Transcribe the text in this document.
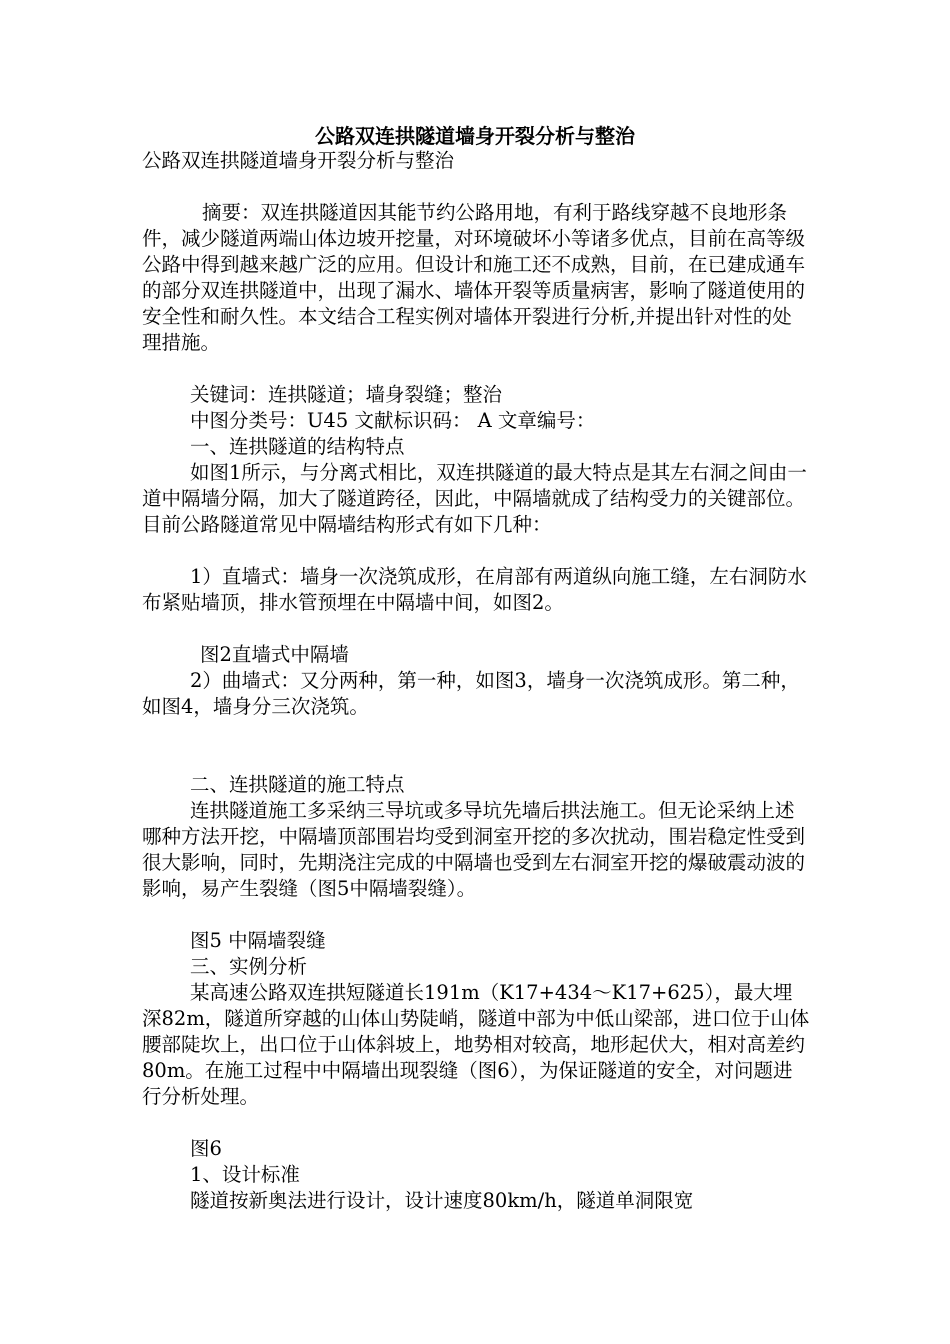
公路双连拱隧道墙身开裂分析与整治

公路双连拱隧道墙身开裂分析与整治

摘要：双连拱隧道因其能节约公路用地，有利于路线穿越不良地形条件，减少隧道两端山体边坡开挖量，对环境破坏小等诸多优点，目前在高等级公路中得到越来越广泛的应用。但设计和施工还不成熟，目前，在已建成通车的部分双连拱隧道中，出现了漏水、墙体开裂等质量病害，影响了隧道使用的安全性和耐久性。本文结合工程实例对墙体开裂进行分析,并提出针对性的处理措施。

关键词：连拱隧道；墙身裂缝；整治

中图分类号：U45 文献标识码： A 文章编号：

一、连拱隧道的结构特点

如图1所示，与分离式相比，双连拱隧道的最大特点是其左右洞之间由一道中隔墙分隔，加大了隧道跨径，因此，中隔墙就成了结构受力的关键部位。目前公路隧道常见中隔墙结构形式有如下几种：

1）直墙式：墙身一次浇筑成形，在肩部有两道纵向施工缝，左右洞防水布紧贴墙顶，排水管预埋在中隔墙中间，如图2。

图2直墙式中隔墙

2）曲墙式：又分两种，第一种，如图3，墙身一次浇筑成形。第二种，如图4，墙身分三次浇筑。

二、连拱隧道的施工特点

连拱隧道施工多采纳三导坑或多导坑先墙后拱法施工。但无论采纳上述哪种方法开挖，中隔墙顶部围岩均受到洞室开挖的多次扰动，围岩稳定性受到很大影响，同时，先期浇注完成的中隔墙也受到左右洞室开挖的爆破震动波的影响，易产生裂缝（图5中隔墙裂缝）。

图5 中隔墙裂缝

三、实例分析

某高速公路双连拱短隧道长191m（K17+434～K17+625），最大埋深82m，隧道所穿越的山体山势陡峭，隧道中部为中低山梁部，进口位于山体腰部陡坎上，出口位于山体斜坡上，地势相对较高，地形起伏大，相对高差约80m。在施工过程中中隔墙出现裂缝（图6），为保证隧道的安全，对问题进行分析处理。

图6

1、设计标准

隧道按新奥法进行设计，设计速度80km/h，隧道单洞限宽
